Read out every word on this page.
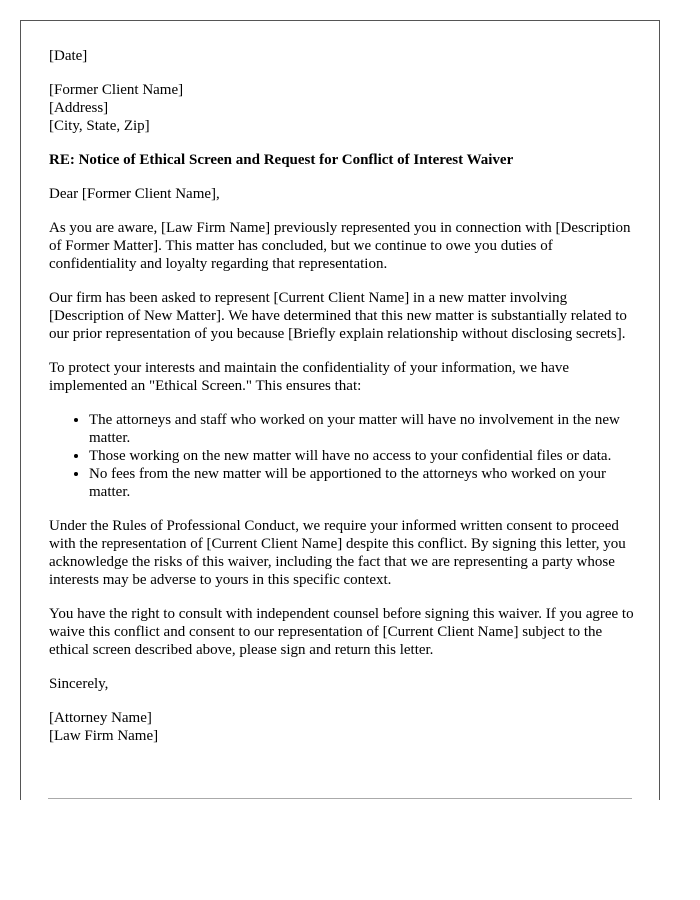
[Date]

[Former Client Name]
[Address]
[City, State, Zip]

RE: Notice of Ethical Screen and Request for Conflict of Interest Waiver

Dear [Former Client Name],

As you are aware, [Law Firm Name] previously represented you in connection with [Description of Former Matter]. This matter has concluded, but we continue to owe you duties of confidentiality and loyalty regarding that representation.

Our firm has been asked to represent [Current Client Name] in a new matter involving [Description of New Matter]. We have determined that this new matter is substantially related to our prior representation of you because [Briefly explain relationship without disclosing secrets].

To protect your interests and maintain the confidentiality of your information, we have implemented an "Ethical Screen." This ensures that:

• The attorneys and staff who worked on your matter will have no involvement in the new matter.
• Those working on the new matter will have no access to your confidential files or data.
• No fees from the new matter will be apportioned to the attorneys who worked on your matter.

Under the Rules of Professional Conduct, we require your informed written consent to proceed with the representation of [Current Client Name] despite this conflict. By signing this letter, you acknowledge the risks of this waiver, including the fact that we are representing a party whose interests may be adverse to yours in this specific context.

You have the right to consult with independent counsel before signing this waiver. If you agree to waive this conflict and consent to our representation of [Current Client Name] subject to the ethical screen described above, please sign and return this letter.

Sincerely,

[Attorney Name]
[Law Firm Name]
